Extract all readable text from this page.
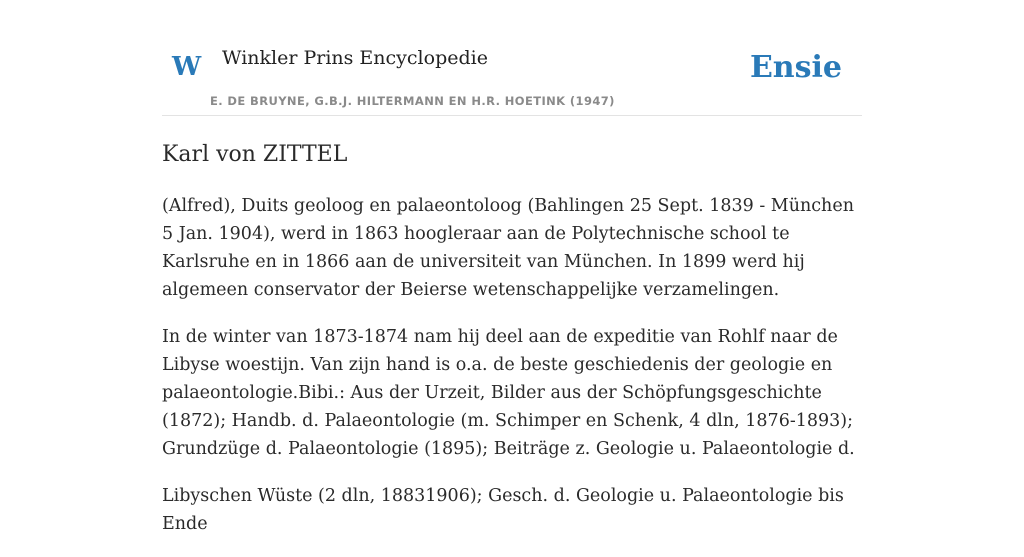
W Winkler Prins Encyclopedie
E. DE BRUYNE, G.B.J. HILTERMANN EN H.R. HOETINK (1947)
Ensie
Karl von ZITTEL

(Alfred), Duits geoloog en palaeontoloog (Bahlingen 25 Sept. 1839 - München 5 Jan. 1904), werd in 1863 hoogleraar aan de Polytechnische school te Karlsruhe en in 1866 aan de universiteit van München. In 1899 werd hij algemeen conservator der Beierse wetenschappelijke verzamelingen.

In de winter van 1873-1874 nam hij deel aan de expeditie van Rohlf naar de Libyse woestijn. Van zijn hand is o.a. de beste geschiedenis der geologie en palaeontologie.Bibi.: Aus der Urzeit, Bilder aus der Schöpfungsgeschichte (1872); Handb. d. Palaeontologie (m. Schimper en Schenk, 4 dln, 1876-1893); Grundzüge d. Palaeontologie (1895); Beiträge z. Geologie u. Palaeontologie d.

Libyschen Wüste (2 dln, 18831906); Gesch. d. Geologie u. Palaeontologie bis Ende
